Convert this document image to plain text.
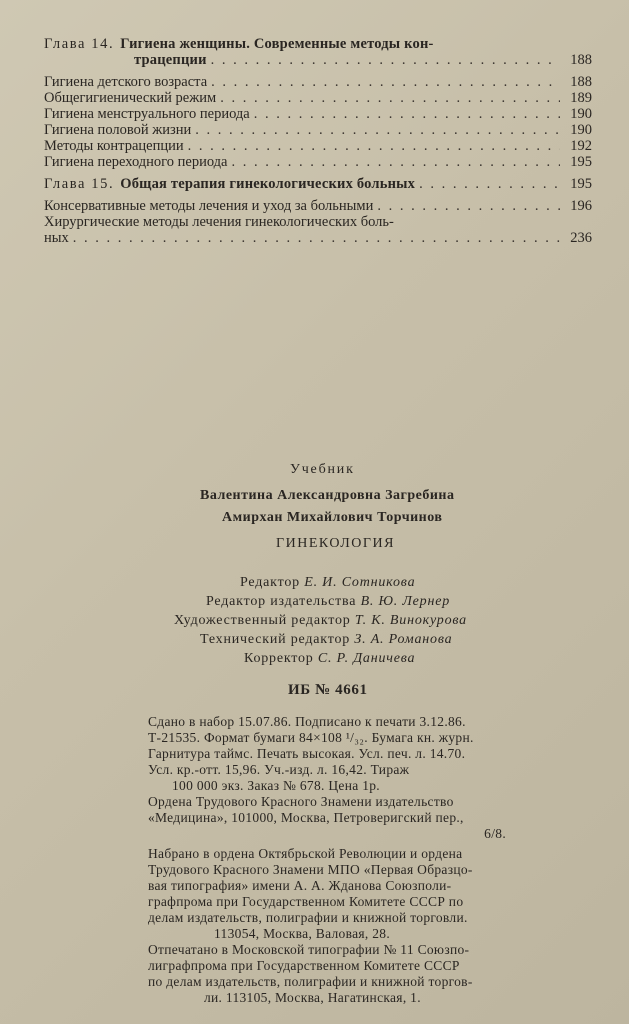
Глава 14. Гигиена женщины. Современные методы кон-
трацепции . . .	188
Гигиена детского возраста . . .	188
Общегигиенический режим . . .	189
Гигиена менструального периода . . .	190
Гигиена половой жизни . . .	190
Методы контрацепции . . .	192
Гигиена переходного периода . . .	195
Глава 15. Общая терапия гинекологических больных . . .	195
Консервативные методы лечения и уход за больными . . .	196
Хирургические методы лечения гинекологических боль-
ных . . .	236
Учебник
Валентина Александровна Загребина
Амирхан Михайлович Торчинов
ГИНЕКОЛОГИЯ
Редактор Е. И. Сотникова
Редактор издательства В. Ю. Лернер
Художественный редактор Т. К. Винокурова
Технический редактор З. А. Романова
Корректор С. Р. Даничева
ИБ № 4661
Сдано в набор 15.07.86. Подписано к печати 3.12.86.
Т-21535. Формат бумаги 84×108 ¹/₃₂. Бумага кн. журн.
Гарнитура таймс. Печать высокая. Усл. печ. л. 14.70.
Усл. кр.-отт. 15,96. Уч.-изд. л. 16,42. Тираж
100 000 экз. Заказ № 678. Цена 1р.
Ордена Трудового Красного Знамени издательство
«Медицина», 101000, Москва, Петроверигский пер.,
6/8.
Набрано в ордена Октябрьской Революции и ордена
Трудового Красного Знамени МПО «Первая Образцо-
вая типография» имени А. А. Жданова Союзполи-
графпрома при Государственном Комитете СССР по
делам издательств, полиграфии и книжной торговли.
113054, Москва, Валовая, 28.
Отпечатано в Московской типографии № 11 Союзпо-
лиграфпрома при Государственном Комитете СССР
по делам издательств, полиграфии и книжной торгов-
ли. 113105, Москва, Нагатинская, 1.
